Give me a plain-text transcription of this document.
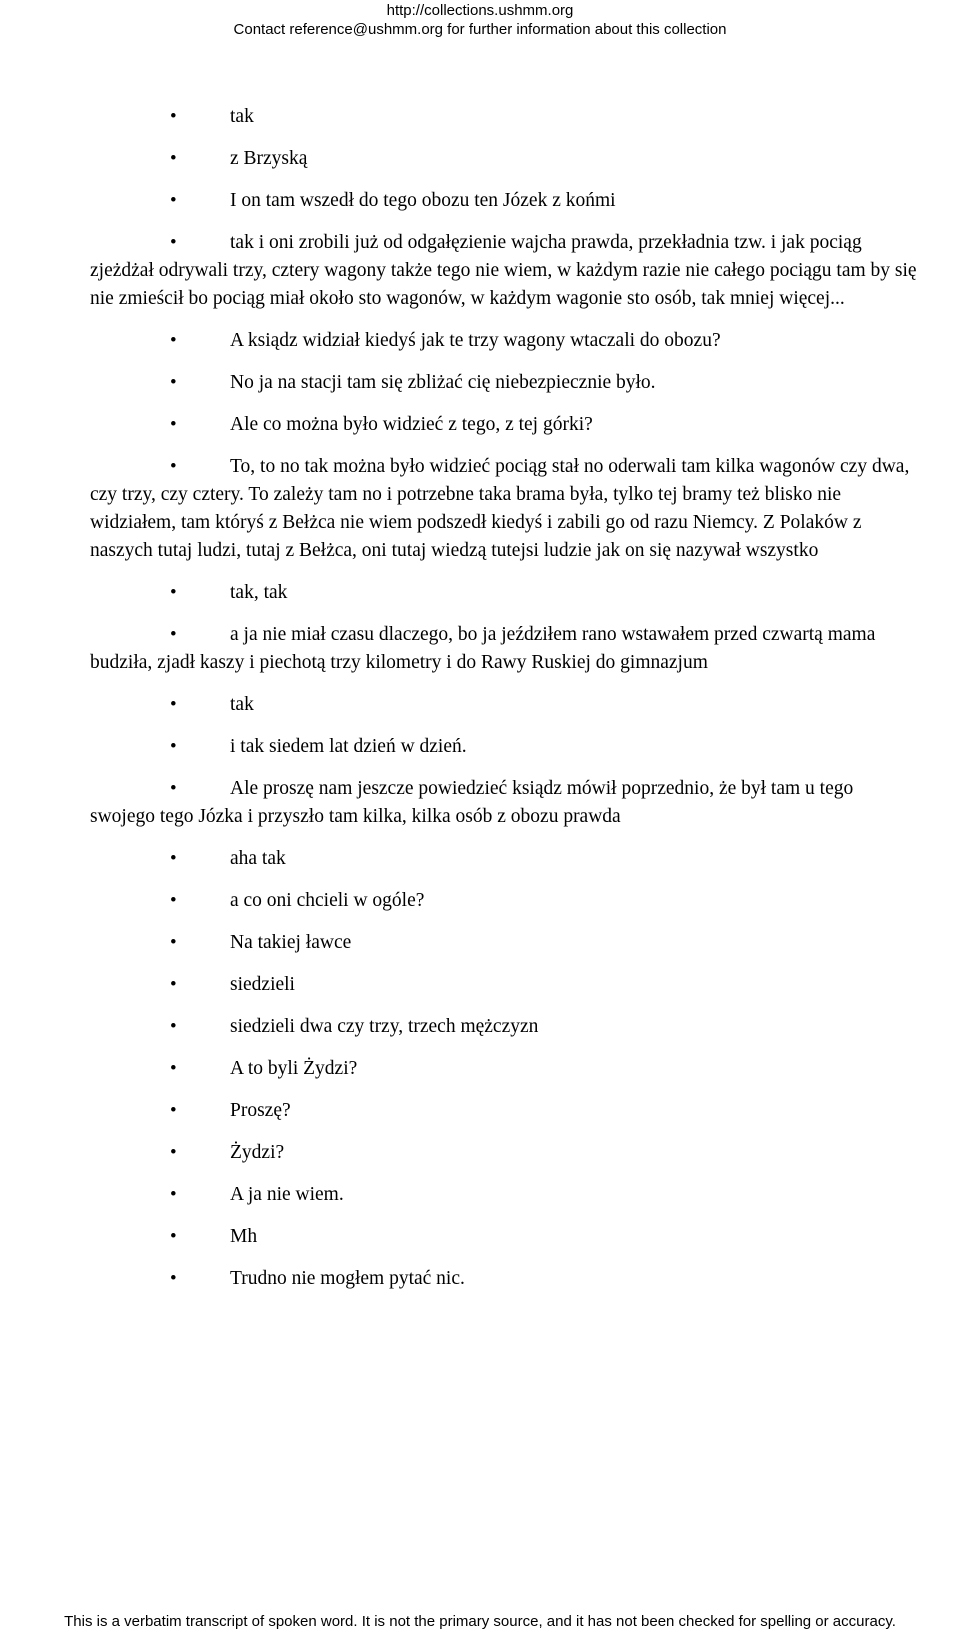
http://collections.ushmm.org
Contact reference@ushmm.org for further information about this collection

• tak

• z Brzyską

• I on tam wszedł do tego obozu ten Józek z końmi

• tak i oni zrobili już od odgałęzienie wajcha prawda, przekładnia tzw. i jak pociąg zjeżdżał odrywali trzy, cztery wagony także tego nie wiem, w każdym razie nie całego pociągu tam by się nie zmieścił bo pociąg miał około sto wagonów, w każdym wagonie sto osób, tak mniej więcej...

• A ksiądz widział kiedyś jak te trzy wagony wtaczali do obozu?

• No ja na stacji tam się zbliżać cię niebezpiecznie było.

• Ale co można było widzieć z tego, z tej górki?

• To, to no tak można było widzieć pociąg stał no oderwali tam kilka wagonów czy dwa, czy trzy, czy cztery. To zależy tam no i potrzebne taka brama była, tylko tej bramy też blisko nie widziałem, tam któryś z Bełżca nie wiem podszedł kiedyś i zabili go od razu Niemcy. Z Polaków z naszych tutaj ludzi, tutaj z Bełżca, oni tutaj wiedzą tutejsi ludzie jak on się nazywał wszystko

• tak, tak

• a ja nie miał czasu dlaczego, bo ja jeździłem rano wstawałem przed czwartą mama budziła, zjadł kaszy i piechotą trzy kilometry i do Rawy Ruskiej do gimnazjum

• tak

• i tak siedem lat dzień w dzień.

• Ale proszę nam jeszcze powiedzieć ksiądz mówił poprzednio, że był tam u tego swojego tego Józka i przyszło tam kilka, kilka osób z obozu prawda

• aha tak

• a co oni chcieli w ogóle?

• Na takiej ławce

• siedzieli

• siedzieli dwa czy trzy, trzech mężczyzn

• A to byli Żydzi?

• Proszę?

• Żydzi?

• A ja nie wiem.

• Mh

• Trudno nie mogłem pytać nic.

This is a verbatim transcript of spoken word. It is not the primary source, and it has not been checked for spelling or accuracy.
